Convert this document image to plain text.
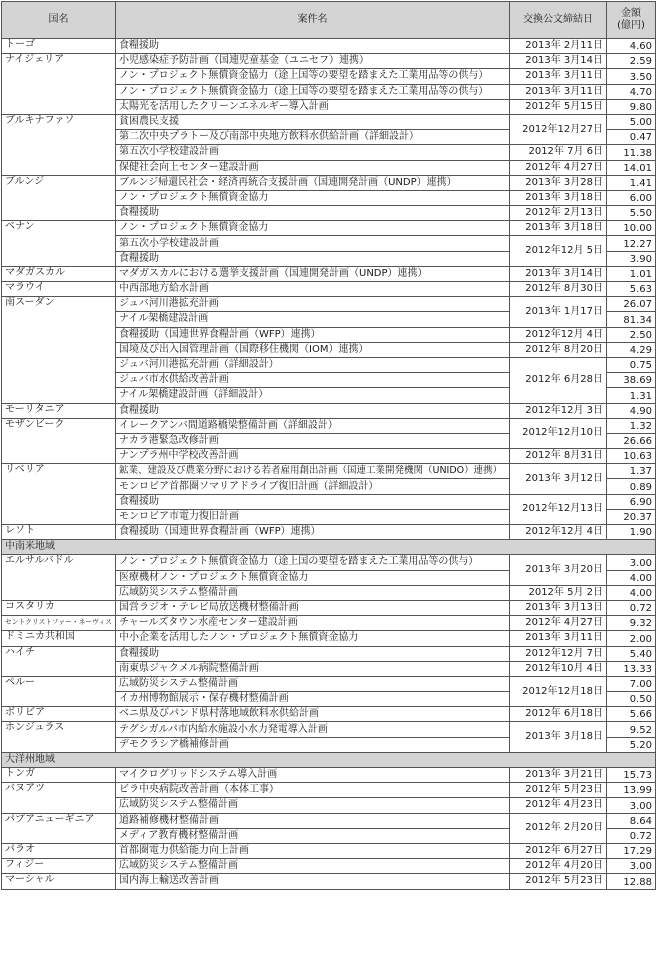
国名	案件名	交換公文締結日	金額
(億円)
トーゴ	食糧援助	2013年 2月11日	4.60
ナイジェリア	小児感染症予防計画（国連児童基金（ユニセフ）連携）	2013年 3月14日	2.59
	ノン・プロジェクト無償資金協力（途上国等の要望を踏まえた工業用品等の供与）	2013年 3月11日	3.50
	ノン・プロジェクト無償資金協力（途上国等の要望を踏まえた工業用品等の供与）	2013年 3月11日	4.70
	太陽光を活用したクリーンエネルギー導入計画	2012年 5月15日	9.80
ブルキナファソ	貧困農民支援	2012年12月27日	5.00
	第二次中央プラトー及び南部中央地方飲料水供給計画（詳細設計）		0.47
	第五次小学校建設計画	2012年 7月 6日	11.38
	保健社会向上センター建設計画	2012年 4月27日	14.01
ブルンジ	ブルンジ帰還民社会・経済再統合支援計画（国連開発計画（UNDP）連携）	2013年 3月28日	1.41
	ノン・プロジェクト無償資金協力	2013年 3月18日	6.00
	食糧援助	2012年 2月13日	5.50
ベナン	ノン・プロジェクト無償資金協力	2013年 3月18日	10.00
	第五次小学校建設計画	2012年12月 5日	12.27
	食糧援助		3.90
マダガスカル	マダガスカルにおける選挙支援計画（国連開発計画（UNDP）連携）	2013年 3月14日	1.01
マラウイ	中西部地方給水計画	2012年 8月30日	5.63
南スーダン	ジュバ河川港拡充計画	2013年 1月17日	26.07
	ナイル架橋建設計画		81.34
	食糧援助（国連世界食糧計画（WFP）連携）	2012年12月 4日	2.50
	国境及び出入国管理計画（国際移住機関（IOM）連携）	2012年 8月20日	4.29
	ジュバ河川港拡充計画（詳細設計）	2012年 6月28日	0.75
	ジュバ市水供給改善計画		38.69
	ナイル架橋建設計画（詳細設計）		1.31
モーリタニア	食糧援助	2012年12月 3日	4.90
モザンビーク	イレークアンバ間道路橋梁整備計画（詳細設計）	2012年12月10日	1.32
	ナカラ港緊急改修計画		26.66
	ナンプラ州中学校改善計画	2012年 8月31日	10.63
リベリア	鉱業、建設及び農業分野における若者雇用創出計画（国連工業開発機関（UNIDO）連携）	2013年 3月12日	1.37
	モンロビア首都圏ソマリアドライブ復旧計画（詳細設計）		0.89
	食糧援助	2012年12月13日	6.90
	モンロビア市電力復旧計画		20.37
レソト	食糧援助（国連世界食糧計画（WFP）連携）	2012年12月 4日	1.90
中南米地域			
エルサルバドル	ノン・プロジェクト無償資金協力（途上国の要望を踏まえた工業用品等の供与）	2013年 3月20日	3.00
	医療機材ノン・プロジェクト無償資金協力		4.00
	広域防災システム整備計画	2012年 5月 2日	4.00
コスタリカ	国営ラジオ・テレビ局放送機材整備計画	2013年 3月13日	0.72
セントクリストファー・ネーヴィス	チャールズタウン水産センター建設計画	2012年 4月27日	9.32
ドミニカ共和国	中小企業を活用したノン・プロジェクト無償資金協力	2013年 3月11日	2.00
ハイチ	食糧援助	2012年12月 7日	5.40
	南東県ジャクメル病院整備計画	2012年10月 4日	13.33
ペルー	広域防災システム整備計画	2012年12月18日	7.00
	イカ州博物館展示・保存機材整備計画		0.50
ボリビア	ベニ県及びパンド県村落地域飲料水供給計画	2012年 6月18日	5.66
ホンジュラス	テグシガルパ市内給水施設小水力発電導入計画	2013年 3月18日	9.52
	デモクラシア橋補修計画		5.20
大洋州地域			
トンガ	マイクログリッドシステム導入計画	2013年 3月21日	15.73
バヌアツ	ビラ中央病院改善計画（本体工事）	2012年 5月23日	13.99
	広域防災システム整備計画	2012年 4月23日	3.00
パプアニューギニア	道路補修機材整備計画	2012年 2月20日	8.64
	メディア教育機材整備計画		0.72
パラオ	首都圏電力供給能力向上計画	2012年 6月27日	17.29
フィジー	広域防災システム整備計画	2012年 4月20日	3.00
マーシャル	国内海上輸送改善計画	2012年 5月23日	12.88
